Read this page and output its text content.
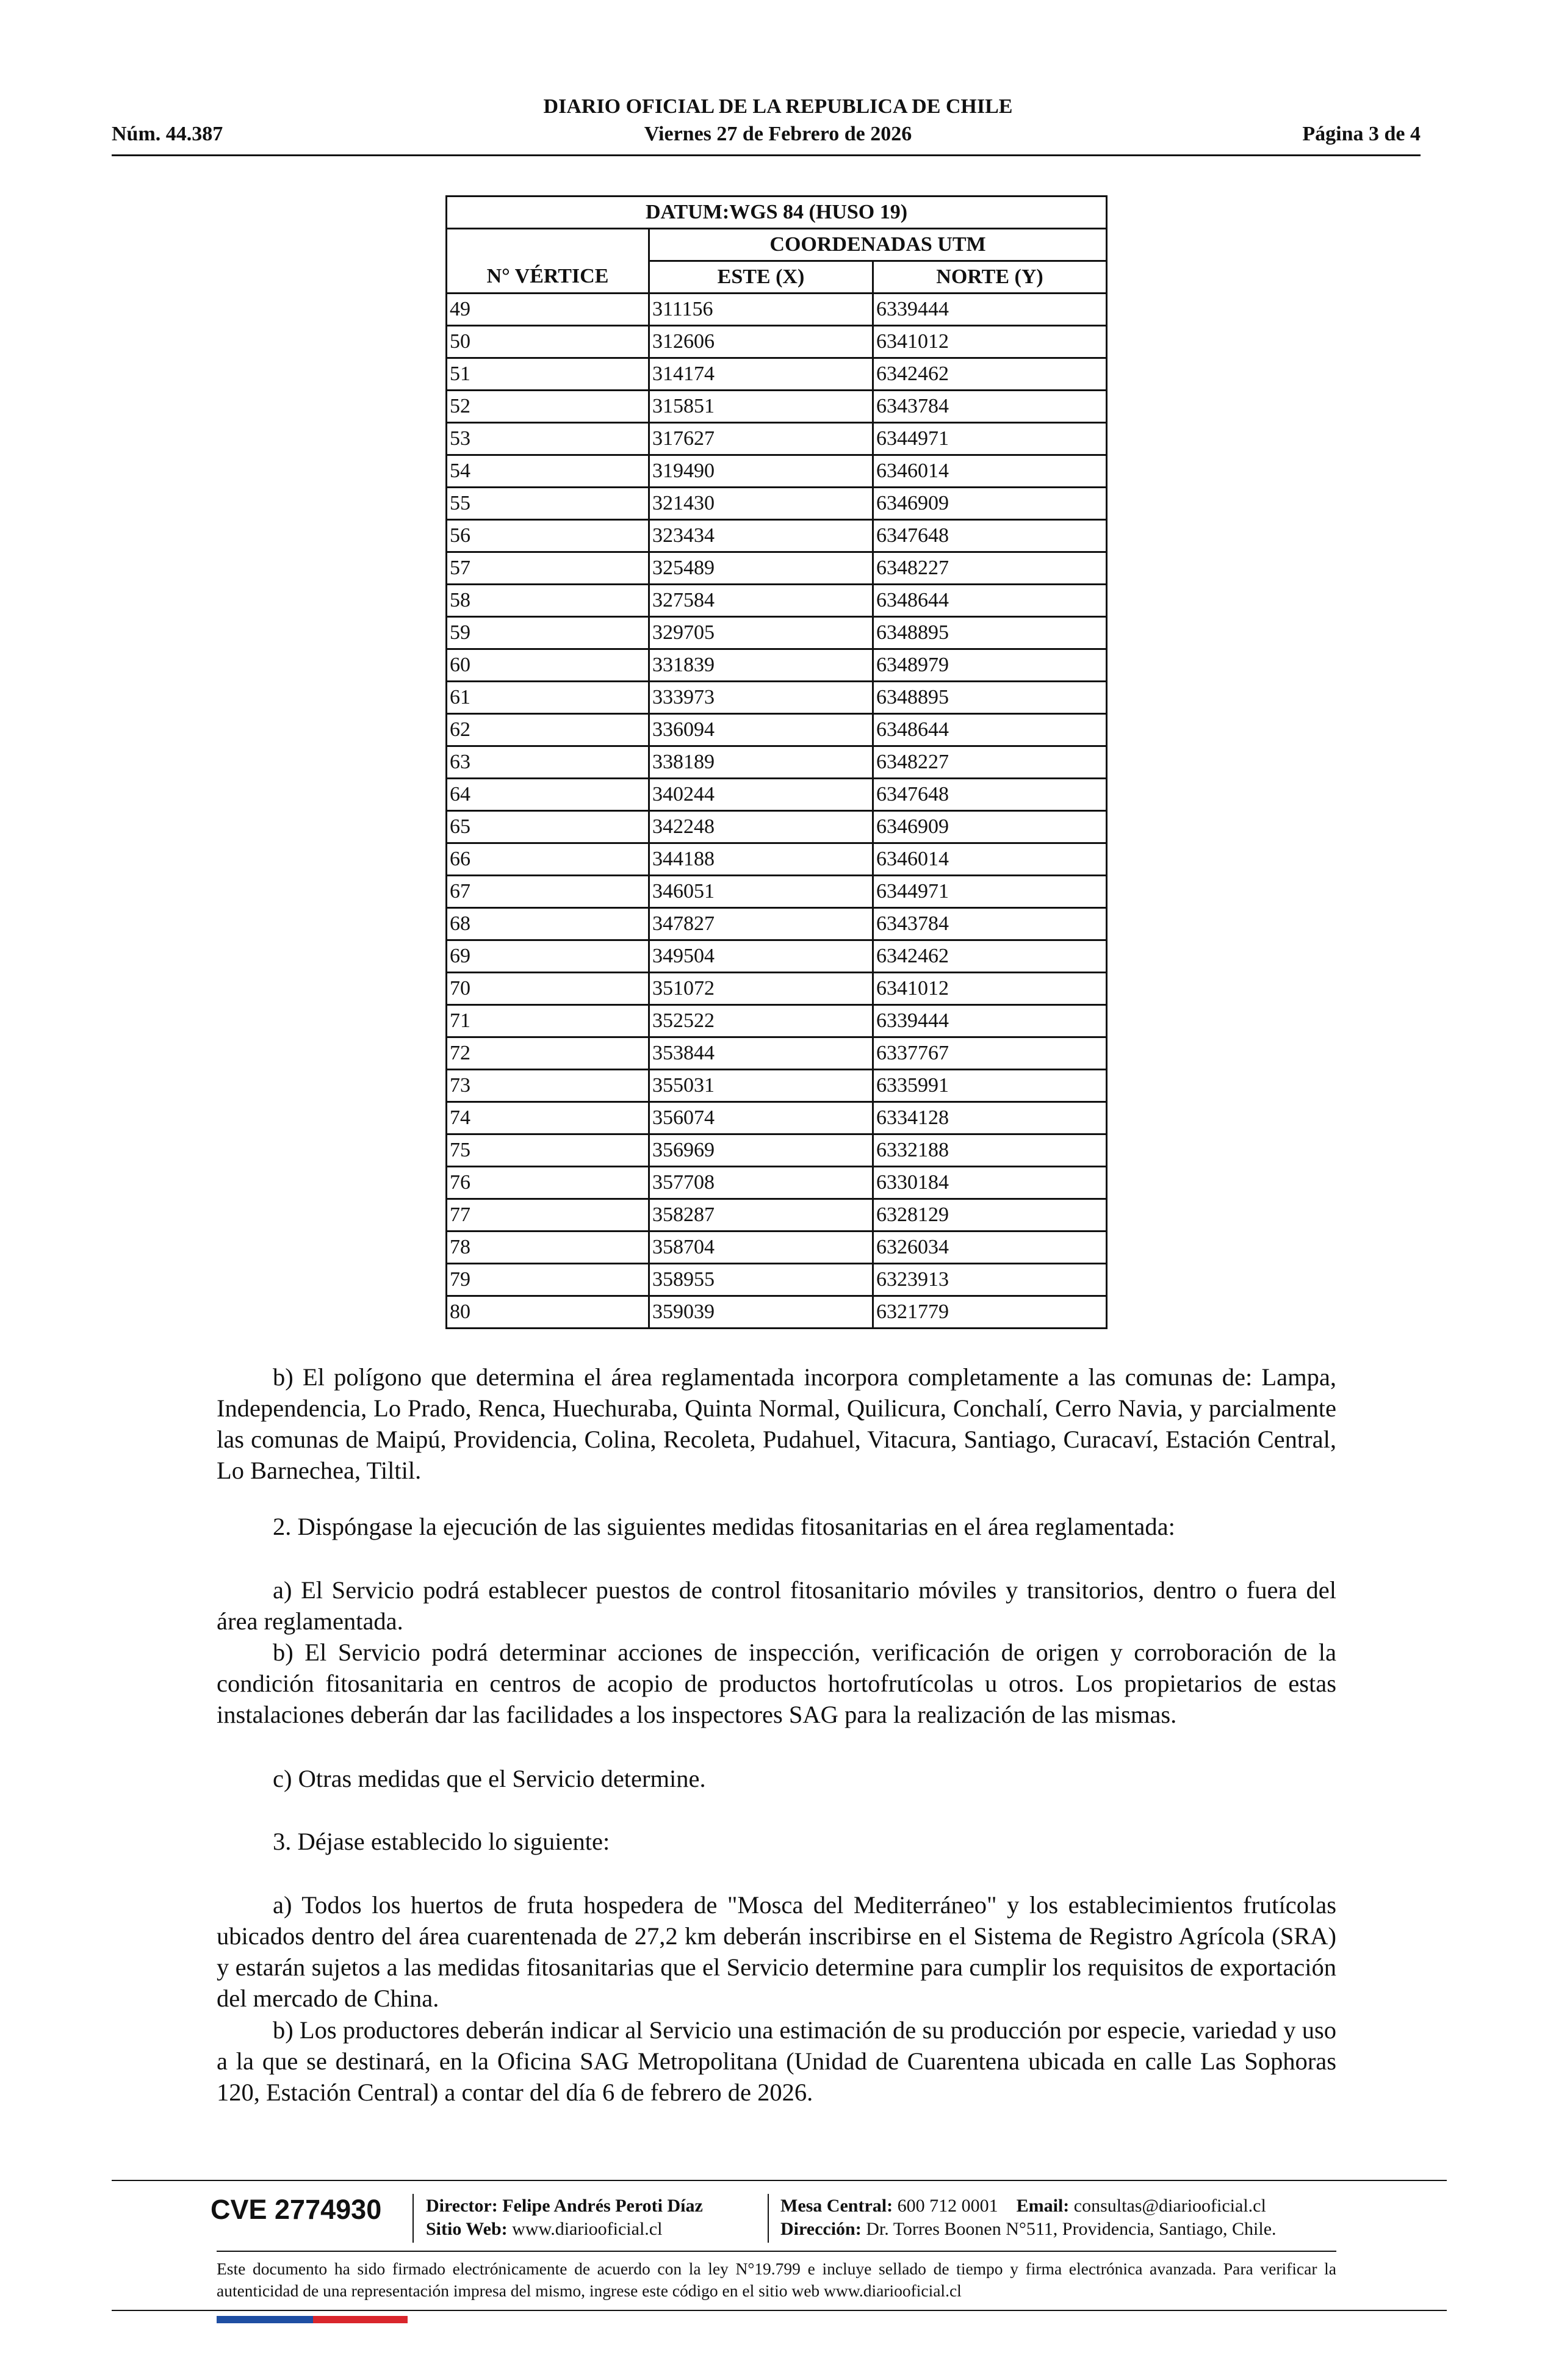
DIARIO OFICIAL DE LA REPUBLICA DE CHILE
Núm. 44.387	Viernes 27 de Febrero de 2026	Página 3 de 4
DATUM:WGS 84 (HUSO 19)		
	COORDENADAS UTM	
N° VÉRTICE	ESTE (X)	NORTE (Y)
49	311156	6339444
50	312606	6341012
51	314174	6342462
52	315851	6343784
53	317627	6344971
54	319490	6346014
55	321430	6346909
56	323434	6347648
57	325489	6348227
58	327584	6348644
59	329705	6348895
60	331839	6348979
61	333973	6348895
62	336094	6348644
63	338189	6348227
64	340244	6347648
65	342248	6346909
66	344188	6346014
67	346051	6344971
68	347827	6343784
69	349504	6342462
70	351072	6341012
71	352522	6339444
72	353844	6337767
73	355031	6335991
74	356074	6334128
75	356969	6332188
76	357708	6330184
77	358287	6328129
78	358704	6326034
79	358955	6323913
80	359039	6321779
b) El polígono que determina el área reglamentada incorpora completamente a las comunas de: Lampa, Independencia, Lo Prado, Renca, Huechuraba, Quinta Normal, Quilicura, Conchalí, Cerro Navia, y parcialmente las comunas de Maipú, Providencia, Colina, Recoleta, Pudahuel, Vitacura, Santiago, Curacaví, Estación Central, Lo Barnechea, Tiltil.
2. Dispóngase la ejecución de las siguientes medidas fitosanitarias en el área reglamentada:
a) El Servicio podrá establecer puestos de control fitosanitario móviles y transitorios, dentro o fuera del área reglamentada.
b) El Servicio podrá determinar acciones de inspección, verificación de origen y corroboración de la condición fitosanitaria en centros de acopio de productos hortofrutícolas u otros. Los propietarios de estas instalaciones deberán dar las facilidades a los inspectores SAG para la realización de las mismas.
c) Otras medidas que el Servicio determine.
3. Déjase establecido lo siguiente:
a) Todos los huertos de fruta hospedera de "Mosca del Mediterráneo" y los establecimientos frutícolas ubicados dentro del área cuarentenada de 27,2 km deberán inscribirse en el Sistema de Registro Agrícola (SRA) y estarán sujetos a las medidas fitosanitarias que el Servicio determine para cumplir los requisitos de exportación del mercado de China.
b) Los productores deberán indicar al Servicio una estimación de su producción por especie, variedad y uso a la que se destinará, en la Oficina SAG Metropolitana (Unidad de Cuarentena ubicada en calle Las Sophoras 120, Estación Central) a contar del día 6 de febrero de 2026.
CVE 2774930 Director: Felipe Andrés Peroti Díaz
Sitio Web: www.diariooficial.cl
Mesa Central: 600 712 0001 Email: consultas@diariooficial.cl
Dirección: Dr. Torres Boonen N°511, Providencia, Santiago, Chile.
Este documento ha sido firmado electrónicamente de acuerdo con la ley N°19.799 e incluye sellado de tiempo y firma electrónica avanzada. Para verificar la autenticidad de una representación impresa del mismo, ingrese este código en el sitio web www.diariooficial.cl
